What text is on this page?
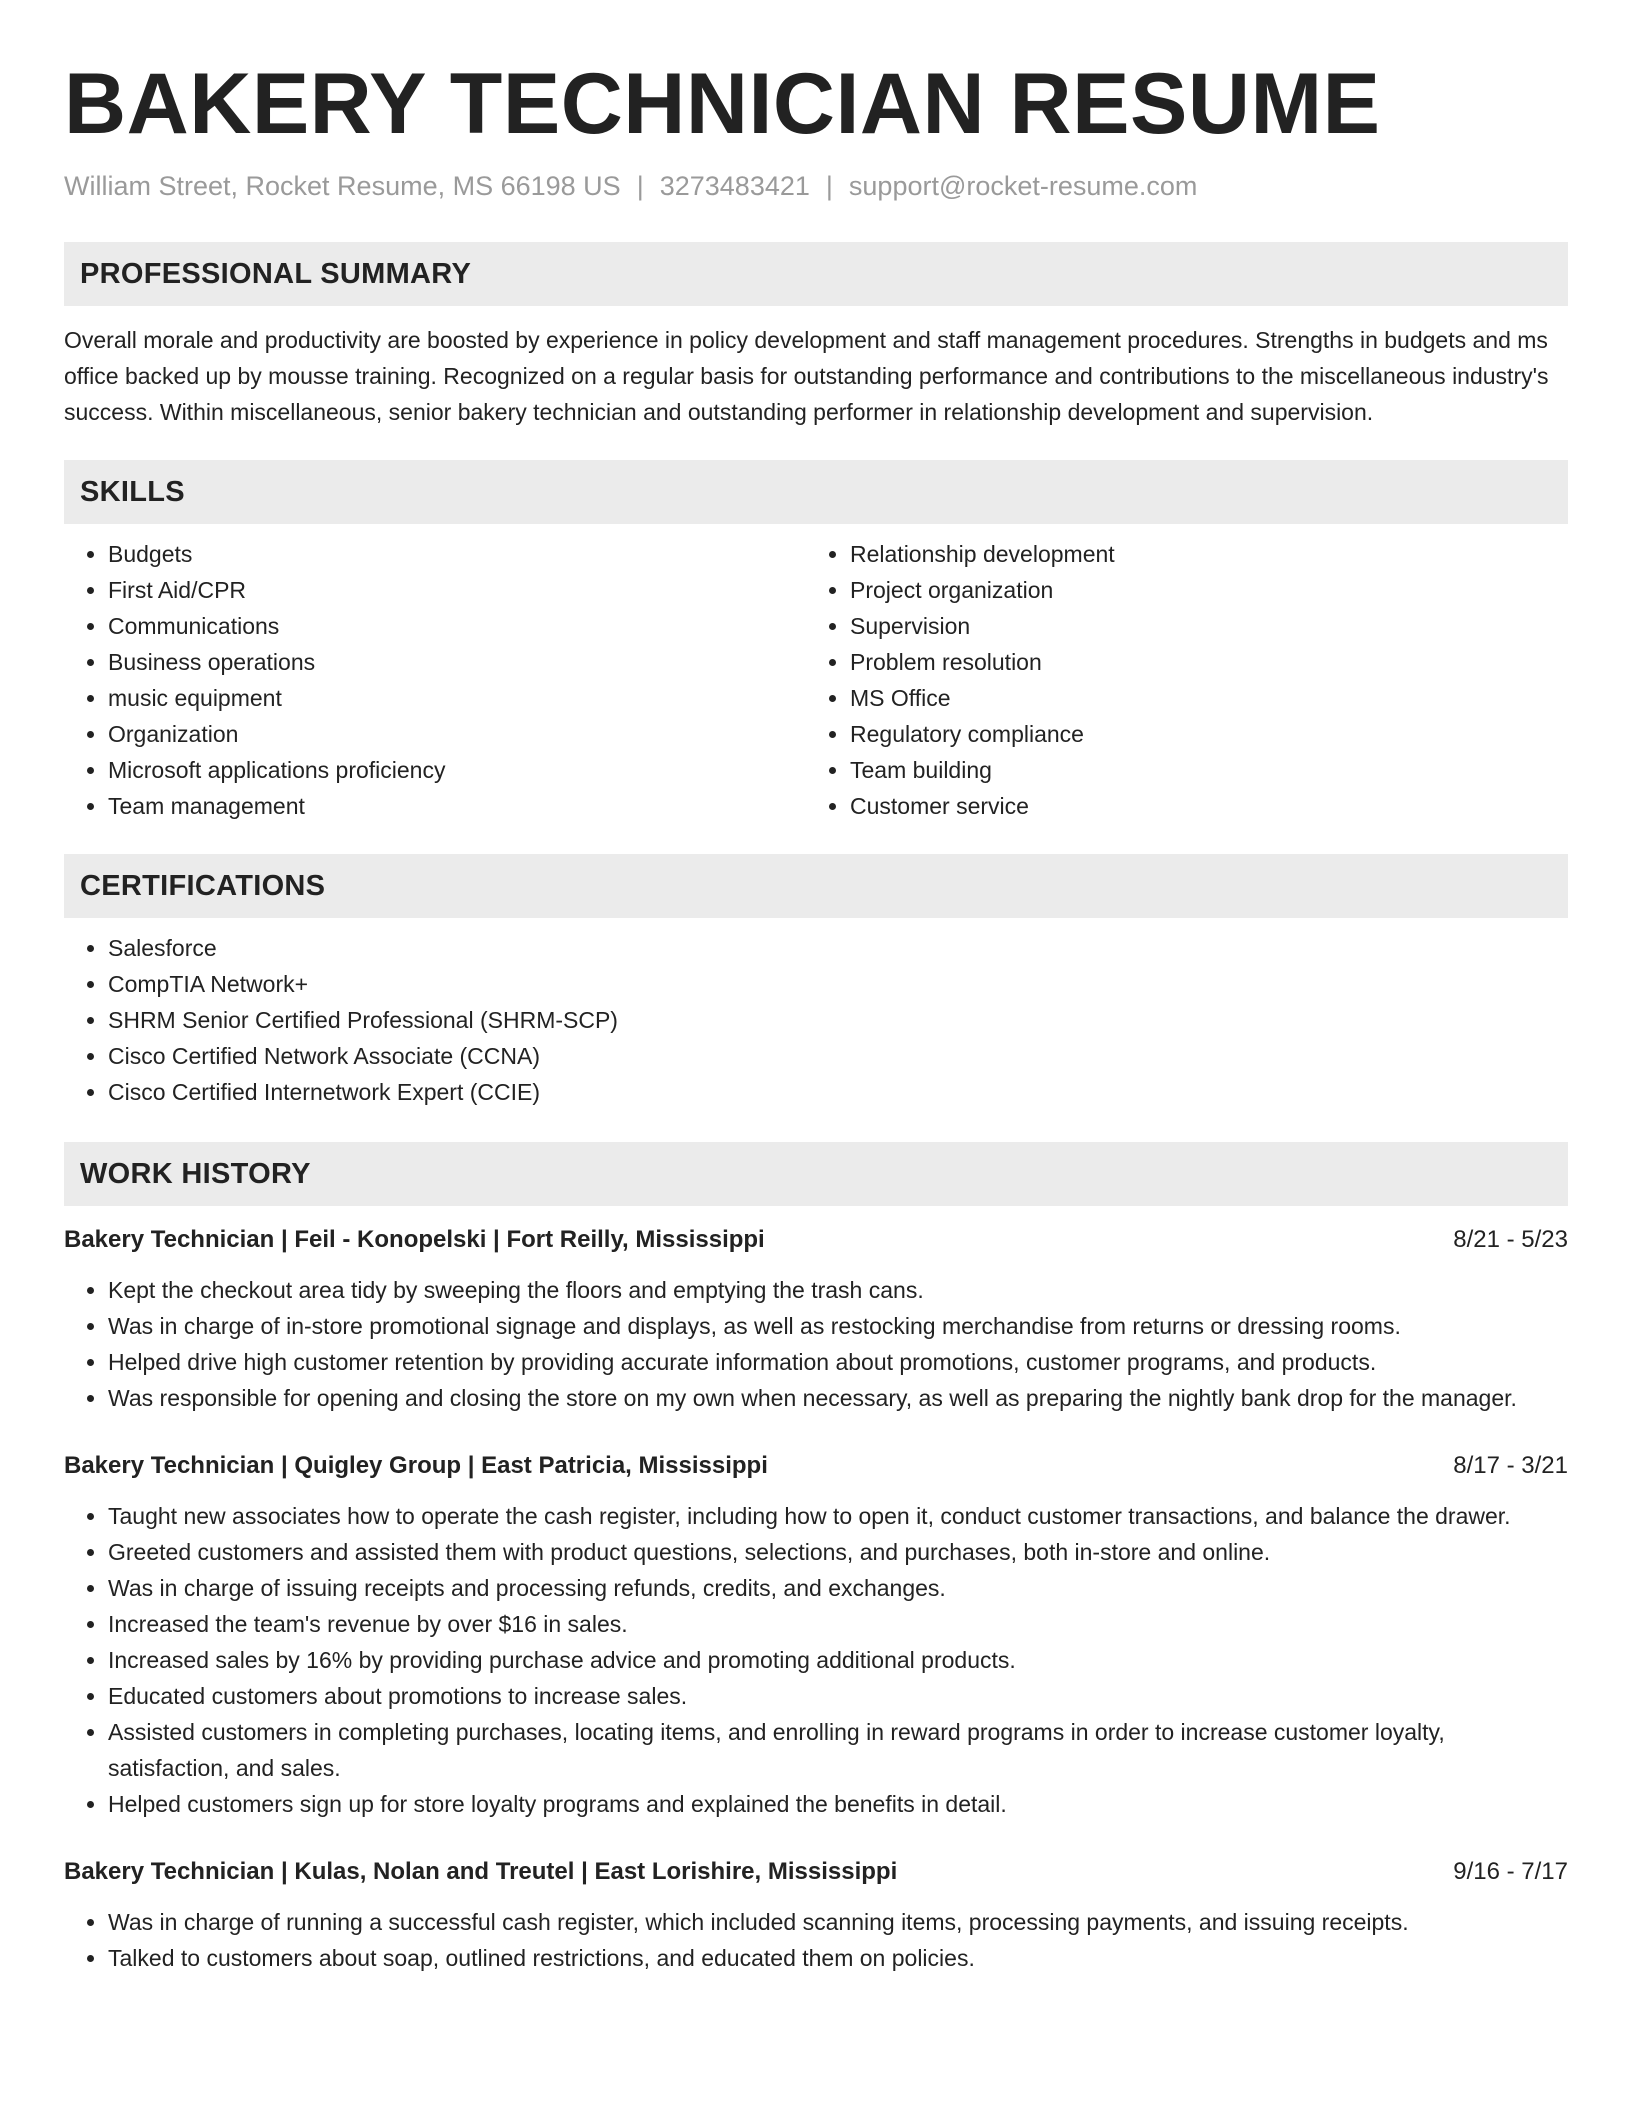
BAKERY TECHNICIAN RESUME
William Street, Rocket Resume, MS 66198 US | 3273483421 | support@rocket-resume.com
PROFESSIONAL SUMMARY

Overall morale and productivity are boosted by experience in policy development and staff management procedures. Strengths in budgets and ms office backed up by mousse training. Recognized on a regular basis for outstanding performance and contributions to the miscellaneous industry's success. Within miscellaneous, senior bakery technician and outstanding performer in relationship development and supervision.

SKILLS
• Budgets
• First Aid/CPR
• Communications
• Business operations
• music equipment
• Organization
• Microsoft applications proficiency
• Team management
• Relationship development
• Project organization
• Supervision
• Problem resolution
• MS Office
• Regulatory compliance
• Team building
• Customer service
CERTIFICATIONS
• Salesforce
• CompTIA Network+
• SHRM Senior Certified Professional (SHRM-SCP)
• Cisco Certified Network Associate (CCNA)
• Cisco Certified Internetwork Expert (CCIE)
WORK HISTORY
Bakery Technician | Feil - Konopelski | Fort Reilly, Mississippi	8/21 - 5/23
• Kept the checkout area tidy by sweeping the floors and emptying the trash cans.
• Was in charge of in-store promotional signage and displays, as well as restocking merchandise from returns or dressing rooms.
• Helped drive high customer retention by providing accurate information about promotions, customer programs, and products.
• Was responsible for opening and closing the store on my own when necessary, as well as preparing the nightly bank drop for the manager.
Bakery Technician | Quigley Group | East Patricia, Mississippi	8/17 - 3/21
• Taught new associates how to operate the cash register, including how to open it, conduct customer transactions, and balance the drawer.
• Greeted customers and assisted them with product questions, selections, and purchases, both in-store and online.
• Was in charge of issuing receipts and processing refunds, credits, and exchanges.
• Increased the team's revenue by over $16 in sales.
• Increased sales by 16% by providing purchase advice and promoting additional products.
• Educated customers about promotions to increase sales.
• Assisted customers in completing purchases, locating items, and enrolling in reward programs in order to increase customer loyalty, satisfaction, and sales.
• Helped customers sign up for store loyalty programs and explained the benefits in detail.
Bakery Technician | Kulas, Nolan and Treutel | East Lorishire, Mississippi	9/16 - 7/17
• Was in charge of running a successful cash register, which included scanning items, processing payments, and issuing receipts.
• Talked to customers about soap, outlined restrictions, and educated them on policies.
